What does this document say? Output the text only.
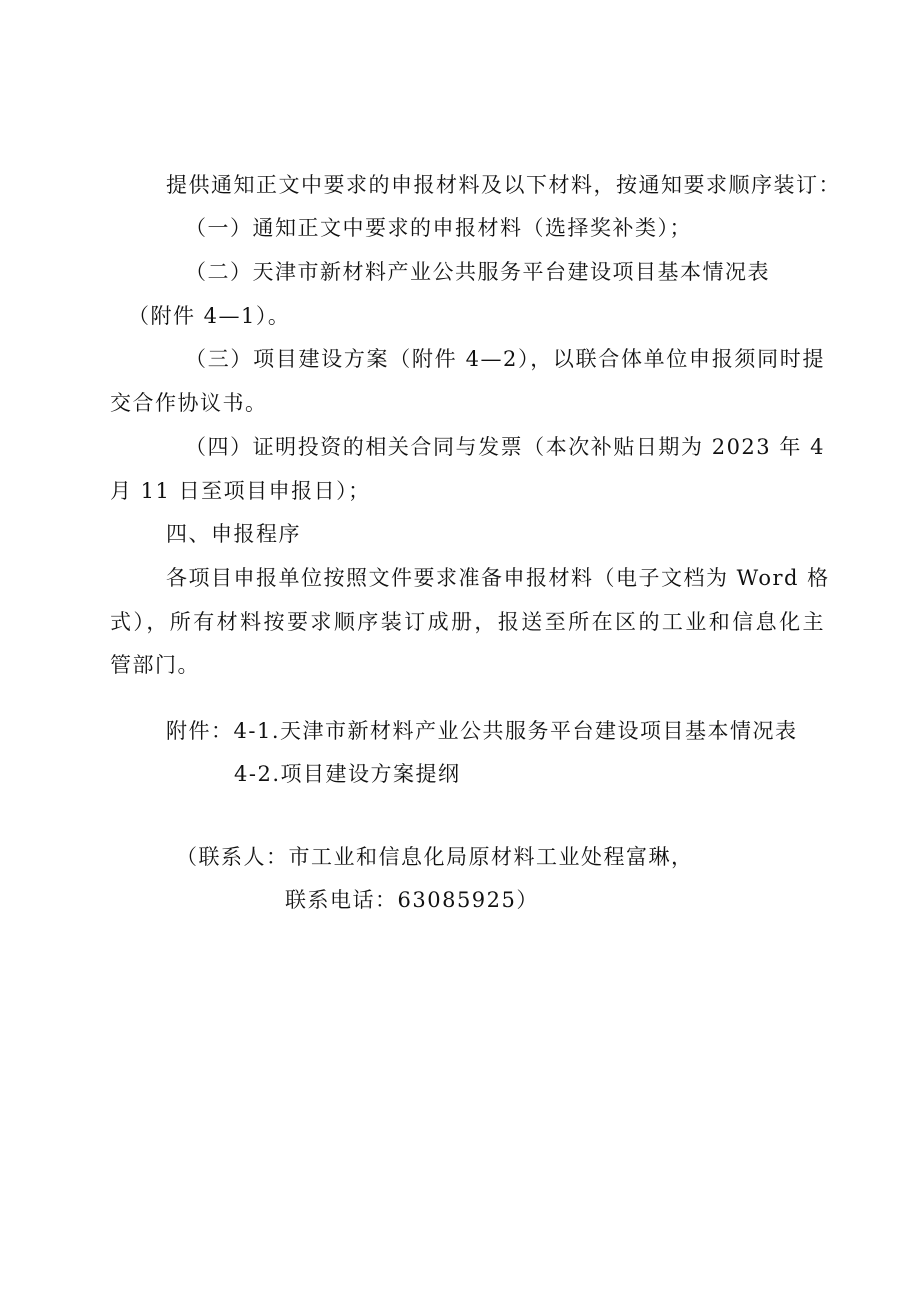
提供通知正文中要求的申报材料及以下材料，按通知要求顺序装订：

（一）通知正文中要求的申报材料（选择奖补类）；

（二）天津市新材料产业公共服务平台建设项目基本情况表

（附件 4—1）。

（三）项目建设方案（附件 4—2），以联合体单位申报须同时提

交合作协议书。

（四）证明投资的相关合同与发票（本次补贴日期为 2023 年 4

月 11 日至项目申报日）；

四、申报程序

各项目申报单位按照文件要求准备申报材料（电子文档为 Word 格

式），所有材料按要求顺序装订成册，报送至所在区的工业和信息化主

管部门。

附件：4-1.天津市新材料产业公共服务平台建设项目基本情况表

4-2.项目建设方案提纲

（联系人：市工业和信息化局原材料工业处程富琳，

联系电话：63085925）
